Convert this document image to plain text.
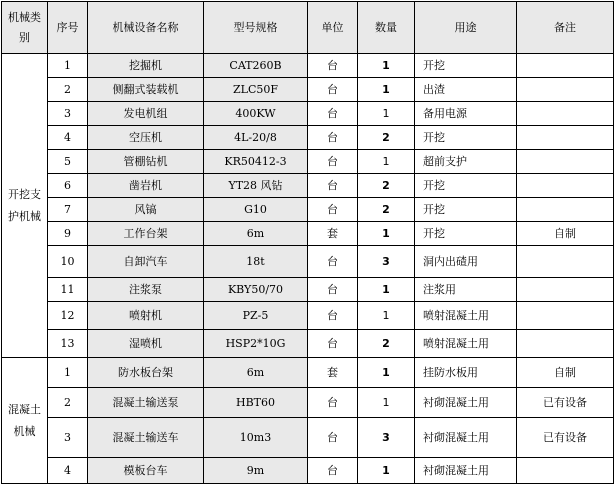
机械类别	序号	机械设备名称	型号规格	单位	数量	用途	备注
开挖支护机械	1	挖掘机	CAT260B	台	1	开挖	
	2	侧翻式装载机	ZLC50F	台	1	出渣	
	3	发电机组	400KW	台	1	备用电源	
	4	空压机	4L-20/8	台	2	开挖	
	5	管棚钻机	KR50412-3	台	1	超前支护	
	6	凿岩机	YT28 风钻	台	2	开挖	
	7	风镐	G10	台	2	开挖	
	9	工作台架	6m	套	1	开挖	自制
	10	自卸汽车	18t	台	3	洞内出碴用	
	11	注浆泵	KBY50/70	台	1	注浆用	
	12	喷射机	PZ-5	台	1	喷射混凝土用	
	13	湿喷机	HSP2*10G	台	2	喷射混凝土用	
混凝土机械	1	防水板台架	6m	套	1	挂防水板用	自制
	2	混凝土输送泵	HBT60	台	1	衬砌混凝土用	已有设备
	3	混凝土输送车	10m3	台	3	衬砌混凝土用	已有设备
	4	模板台车	9m	台	1	衬砌混凝土用	
